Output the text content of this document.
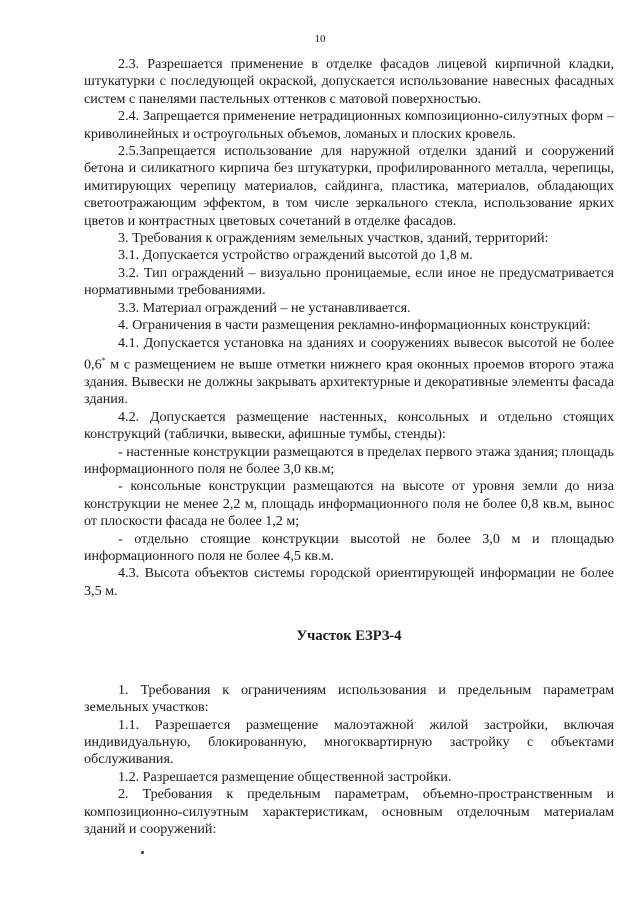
10

2.3. Разрешается применение в отделке фасадов лицевой кирпичной кладки, штукатурки с последующей окраской, допускается использование навесных фасадных систем с панелями пастельных оттенков с матовой поверхностью.

2.4. Запрещается применение нетрадиционных композиционно-силуэтных форм – криволинейных и остроугольных объемов, ломаных и плоских кровель.

2.5.Запрещается использование для наружной отделки зданий и сооружений бетона и силикатного кирпича без штукатурки, профилированного металла, черепицы, имитирующих черепицу материалов, сайдинга, пластика, материалов, обладающих светоотражающим эффектом, в том числе зеркального стекла, использование ярких цветов и контрастных цветовых сочетаний в отделке фасадов.

3. Требования к ограждениям земельных участков, зданий, территорий:

3.1. Допускается устройство ограждений высотой до 1,8 м.

3.2. Тип ограждений – визуально проницаемые, если иное не предусматривается нормативными требованиями.

3.3. Материал ограждений – не устанавливается.

4. Ограничения в части размещения рекламно-информационных конструкций:

4.1. Допускается установка на зданиях и сооружениях вывесок высотой не более 0,6* м с размещением не выше отметки нижнего края оконных проемов второго этажа здания. Вывески не должны закрывать архитектурные и декоративные элементы фасада здания.

4.2. Допускается размещение настенных, консольных и отдельно стоящих конструкций (таблички, вывески, афишные тумбы, стенды):

- настенные конструкции размещаются в пределах первого этажа здания; площадь информационного поля не более 3,0 кв.м;

- консольные конструкции размещаются на высоте от уровня земли до низа конструкции не менее 2,2 м, площадь информационного поля не более 0,8 кв.м, вынос от плоскости фасада не более 1,2 м;

- отдельно стоящие конструкции высотой не более 3,0 м и площадью информационного поля не более 4,5 кв.м.

4.3. Высота объектов системы городской ориентирующей информации не более 3,5 м.

Участок ЕЗРЗ-4

1. Требования к ограничениям использования и предельным параметрам земельных участков:

1.1. Разрешается размещение малоэтажной жилой застройки, включая индивидуальную, блокированную, многоквартирную застройку с объектами обслуживания.

1.2. Разрешается размещение общественной застройки.

2. Требования к предельным параметрам, объемно-пространственным и композиционно-силуэтным характеристикам, основным отделочным материалам зданий и сооружений:
